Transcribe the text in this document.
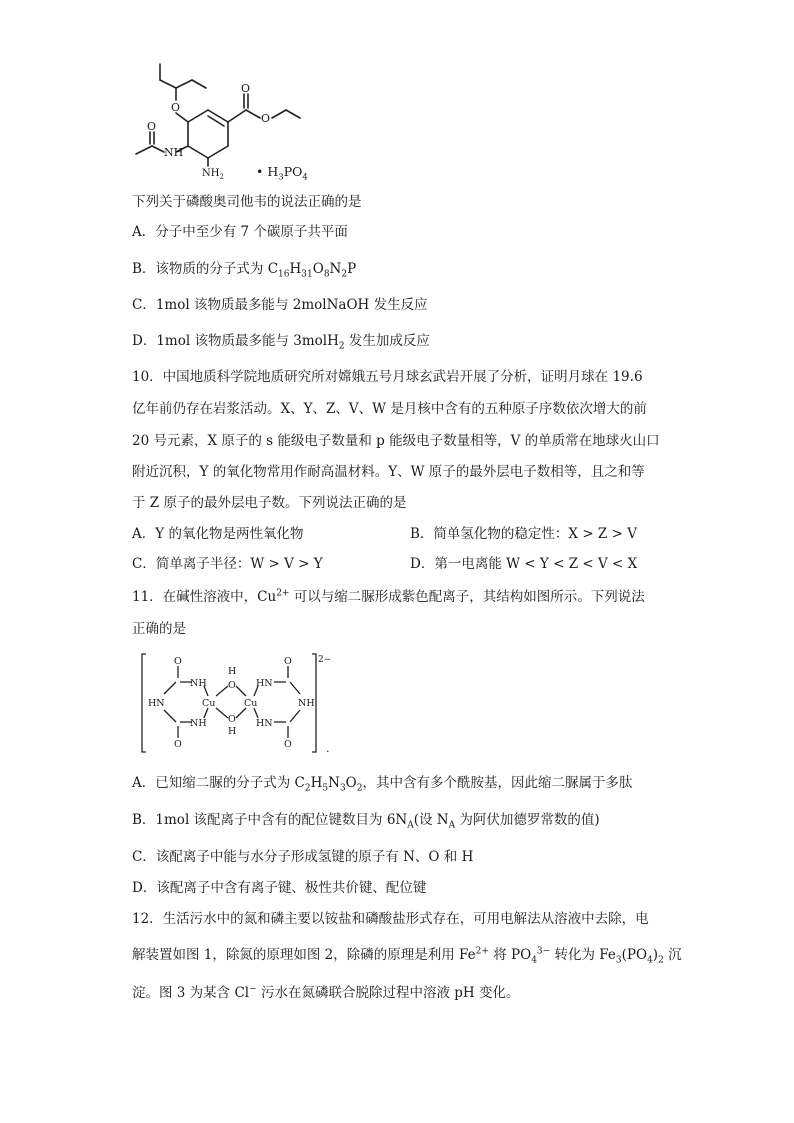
O
O
O
O
NH
$NH_2$	• $H_3PO_4$
下列关于磷酸奥司他韦的说法正确的是
A．分子中至少有 7 个碳原子共平面
B．该物质的分子式为 $C_{16}H_{31}O_8N_2P$
C．1mol 该物质最多能与 2molNaOH 发生反应
D．1mol 该物质最多能与 3molH$_2$ 发生加成反应
10．中国地质科学院地质研究所对嫦娥五号月球玄武岩开展了分析，证明月球在 19.6
亿年前仍存在岩浆活动。X、Y、Z、V、W 是月核中含有的五种原子序数依次增大的前
20 号元素，X 原子的 s 能级电子数量和 p 能级电子数量相等，V 的单质常在地球火山口
附近沉积，Y 的氧化物常用作耐高温材料。Y、W 原子的最外层电子数相等，且之和等
于 Z 原子的最外层电子数。下列说法正确的是
A．Y 的氧化物是两性氧化物	B．简单氢化物的稳定性：X > Z > V
C．简单离子半径：W > V > Y	D．第一电离能 W < Y < Z < V < X
11．在碱性溶液中，$Cu^{2+}$ 可以与缩二脲形成紫色配离子，其结构如图所示。下列说法
正确的是
O
NH
HN
NH
O
Cu
H
O
O
H
Cu
HN
HN
O
O
NH
2−
.
A．已知缩二脲的分子式为 $C_2H_5N_3O_2$，其中含有多个酰胺基，因此缩二脲属于多肽
B．1mol 该配离子中含有的配位键数目为 $6N_A$(设 $N_A$ 为阿伏加德罗常数的值)
C．该配离子中能与水分子形成氢键的原子有 N、O 和 H
D．该配离子中含有离子键、极性共价键、配位键
12．生活污水中的氮和磷主要以铵盐和磷酸盐形式存在，可用电解法从溶液中去除，电
解装置如图 1，除氮的原理如图 2，除磷的原理是利用 $Fe^{2+}$ 将 $PO_4^{3-}$ 转化为 $Fe_3(PO_4)_2$ 沉
淀。图 3 为某含 Cl− 污水在氮磷联合脱除过程中溶液 pH 变化。
